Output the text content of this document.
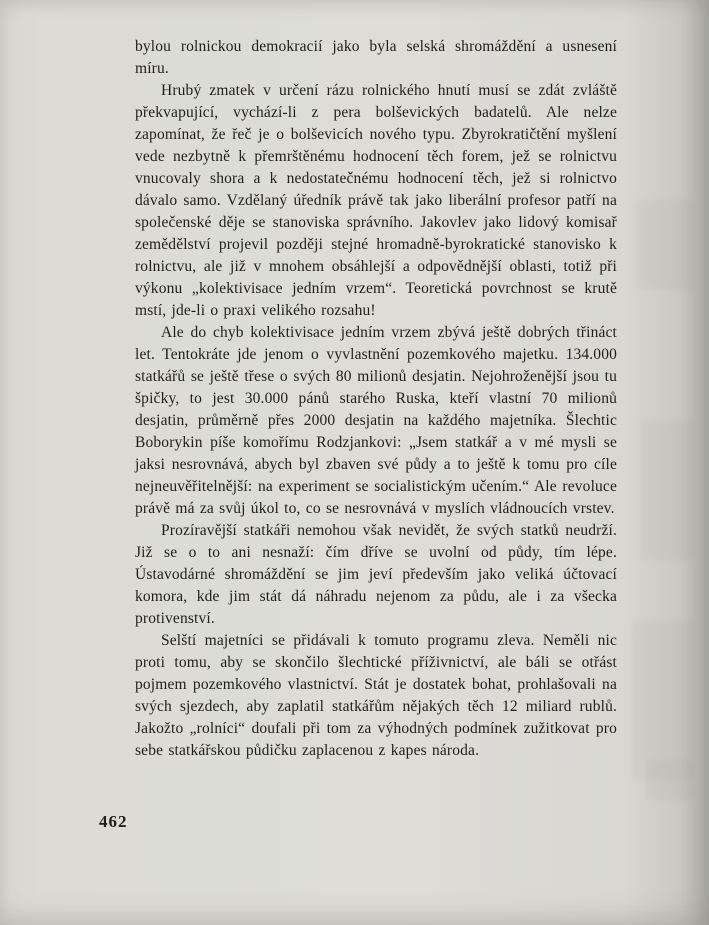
bylou rolnickou demokracií jako byla selská shromáždění a usnesení míru.

Hrubý zmatek v určení rázu rolnického hnutí musí se zdát zvláště překvapující, vychází-li z pera bolševických badatelů. Ale nelze zapomínat, že řeč je o bolševicích nového typu. Zbyrokratičtění myšlení vede nezbytně k přemrštěnému hodnocení těch forem, jež se rolnictvu vnucovaly shora a k nedostatečnému hodnocení těch, jež si rolnictvo dávalo samo. Vzdělaný úředník právě tak jako liberální profesor patří na společenské děje se stanoviska správního. Jakovlev jako lidový komisař zemědělství projevil později stejné hromadně-byrokratické stanovisko k rolnictvu, ale již v mnohem obsáhlejší a odpovědnější oblasti, totiž při výkonu „kolektivisace jedním vrzem“. Teoretická povrchnost se krutě mstí, jde-li o praxi velikého rozsahu!

Ale do chyb kolektivisace jedním vrzem zbývá ještě dobrých třináct let. Tentokráte jde jenom o vyvlastnění pozemkového majetku. 134.000 statkářů se ještě třese o svých 80 milionů desjatin. Nejohroženější jsou tu špičky, to jest 30.000 pánů starého Ruska, kteří vlastní 70 milionů desjatin, průměrně přes 2000 desjatin na každého majetníka. Šlechtic Boborykin píše komořímu Rodzjankovi: „Jsem statkář a v mé mysli se jaksi nesrovnává, abych byl zbaven své půdy a to ještě k tomu pro cíle nejneuvěřitelnější: na experiment se socialistickým učením.“ Ale revoluce právě má za svůj úkol to, co se nesrovnává v myslích vládnoucích vrstev.

Prozíravější statkáři nemohou však nevidět, že svých statků neudrží. Již se o to ani nesnaží: čím dříve se uvolní od půdy, tím lépe. Ústavodárné shromáždění se jim jeví především jako veliká účtovací komora, kde jim stát dá náhradu nejenom za půdu, ale i za všecka protivenství.

Selští majetníci se přidávali k tomuto programu zleva. Neměli nic proti tomu, aby se skončilo šlechtické příživnictví, ale báli se otřást pojmem pozemkového vlastnictví. Stát je dostatek bohat, prohlašovali na svých sjezdech, aby zaplatil statkářům nějakých těch 12 miliard rublů. Jakožto „rolníci“ doufali při tom za výhodných podmínek zužitkovat pro sebe statkářskou půdičku zaplacenou z kapes národa.

462
